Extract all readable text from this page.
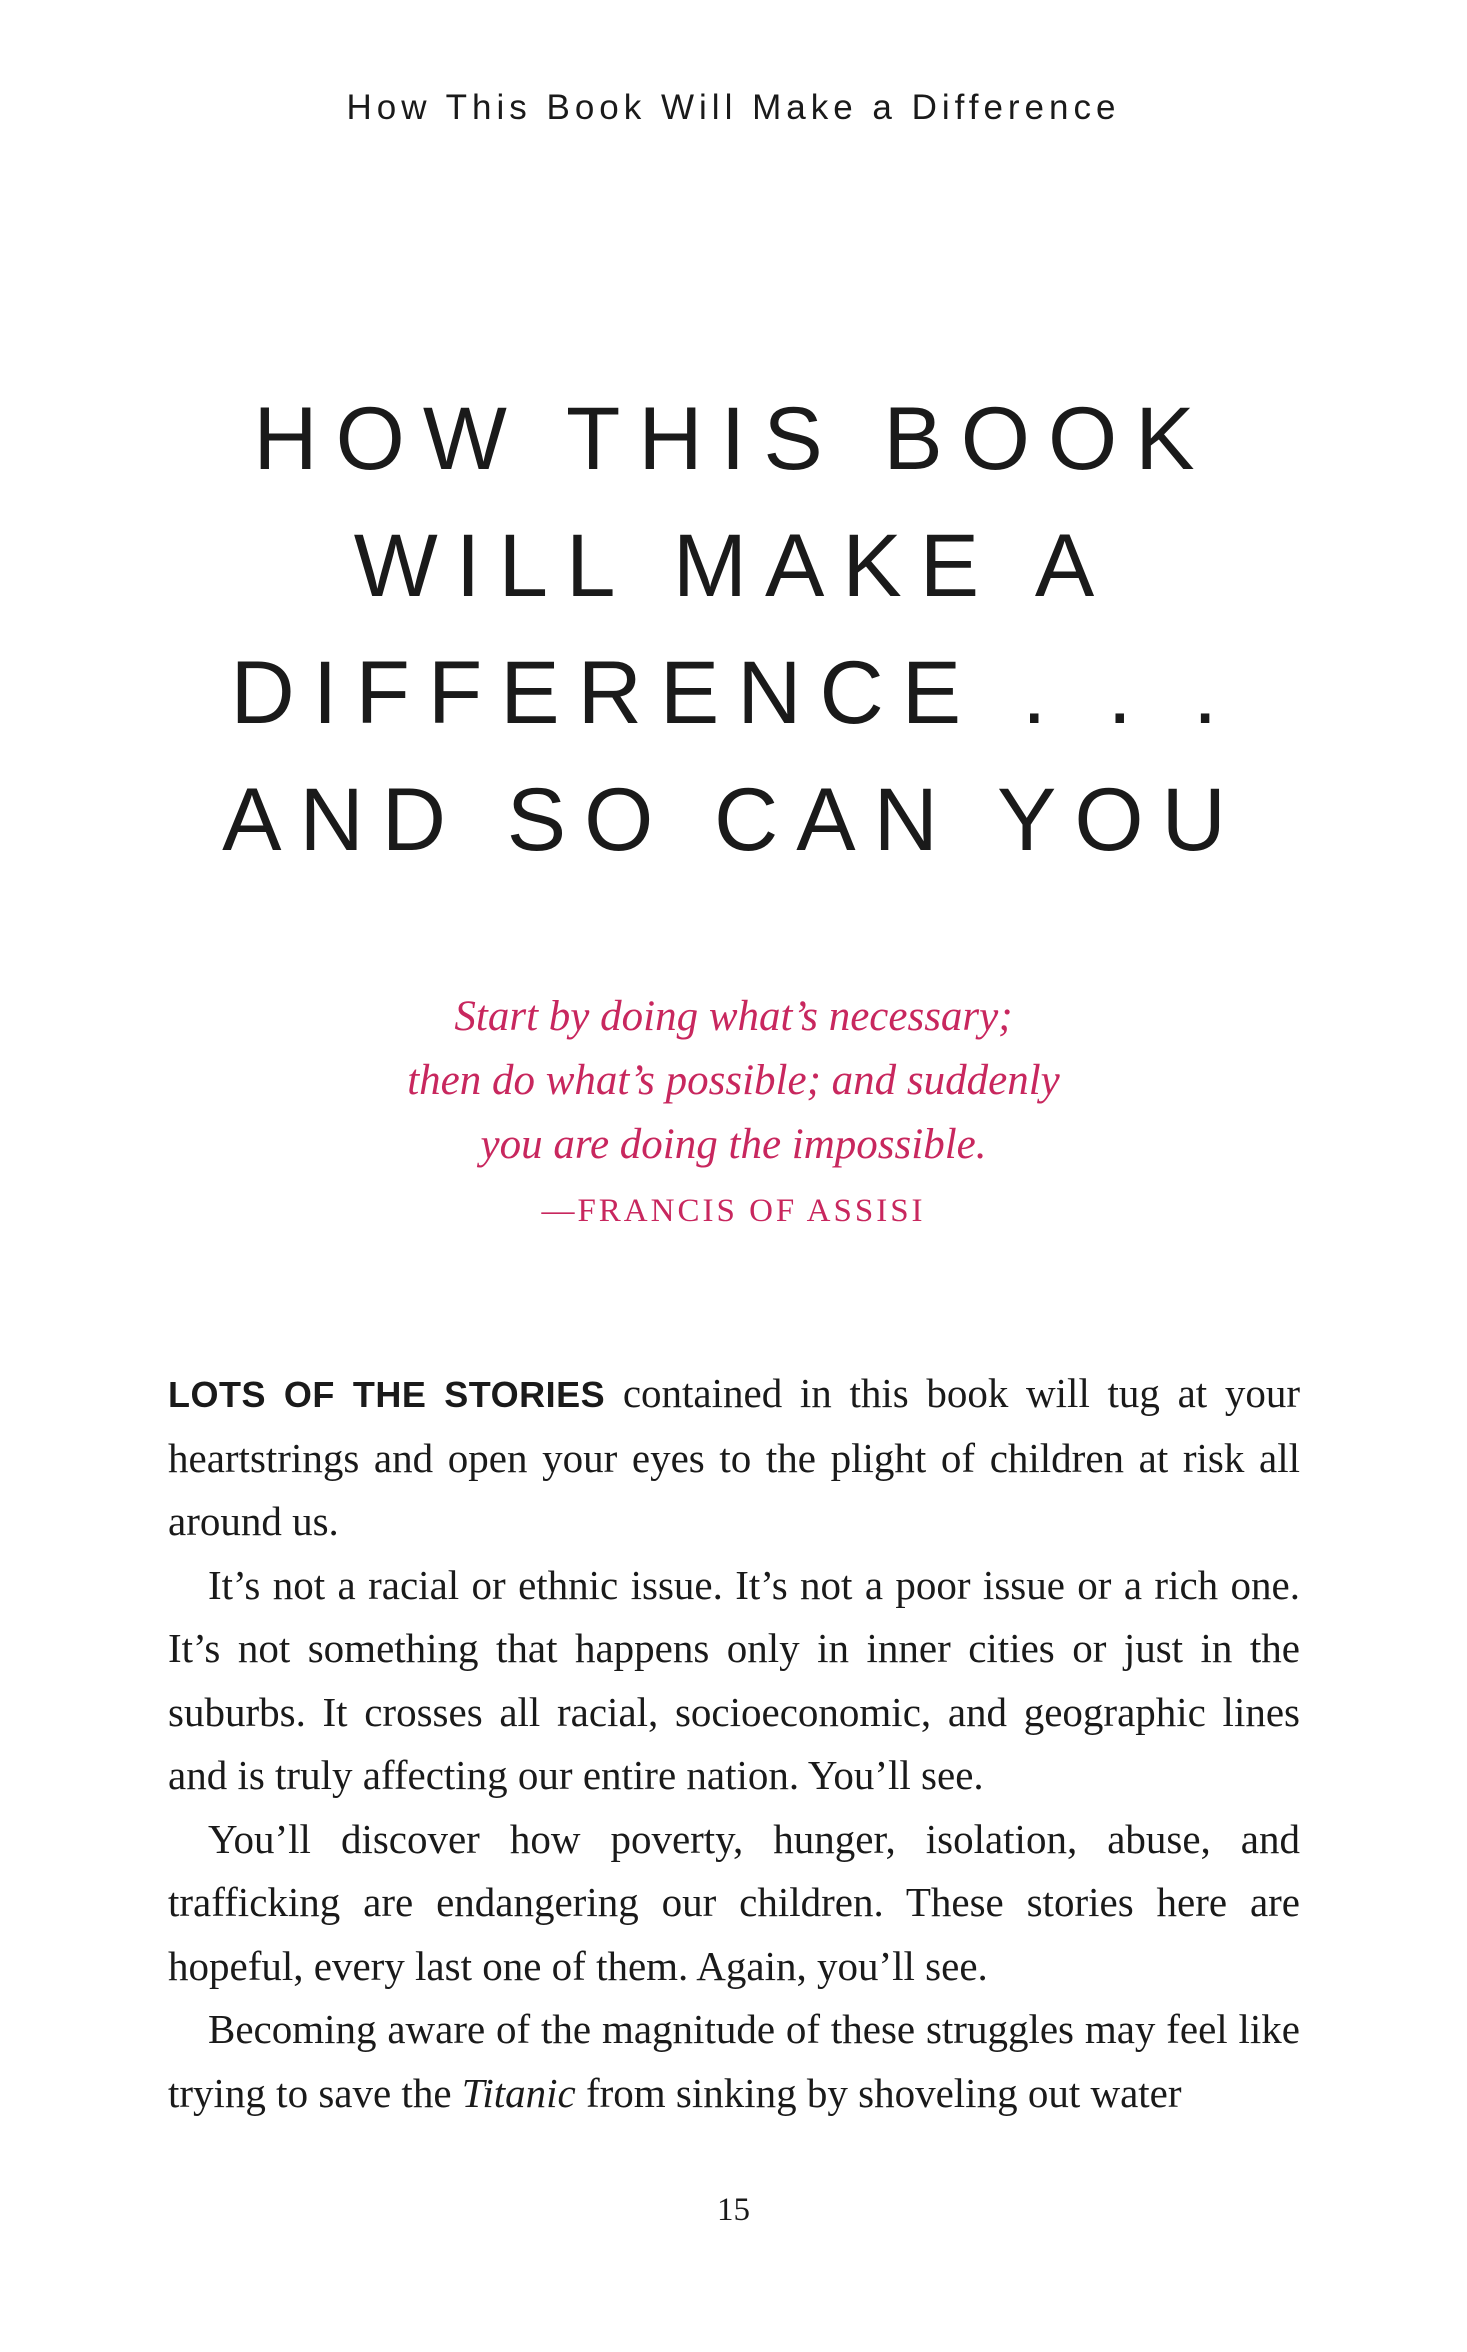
How This Book Will Make a Difference
HOW THIS BOOK
WILL MAKE A
DIFFERENCE . . .
AND SO CAN YOU
Start by doing what’s necessary;
then do what’s possible; and suddenly
you are doing the impossible.
—FRANCIS OF ASSISI

LOTS OF THE STORIES contained in this book will tug at your heartstrings and open your eyes to the plight of children at risk all around us.

It’s not a racial or ethnic issue. It’s not a poor issue or a rich one. It’s not something that happens only in inner cities or just in the suburbs. It crosses all racial, socioeconomic, and geographic lines and is truly affecting our entire nation. You’ll see.

You’ll discover how poverty, hunger, isolation, abuse, and trafficking are endangering our children. These stories here are hopeful, every last one of them. Again, you’ll see.

Becoming aware of the magnitude of these struggles may feel like trying to save the Titanic from sinking by shoveling out water

15
